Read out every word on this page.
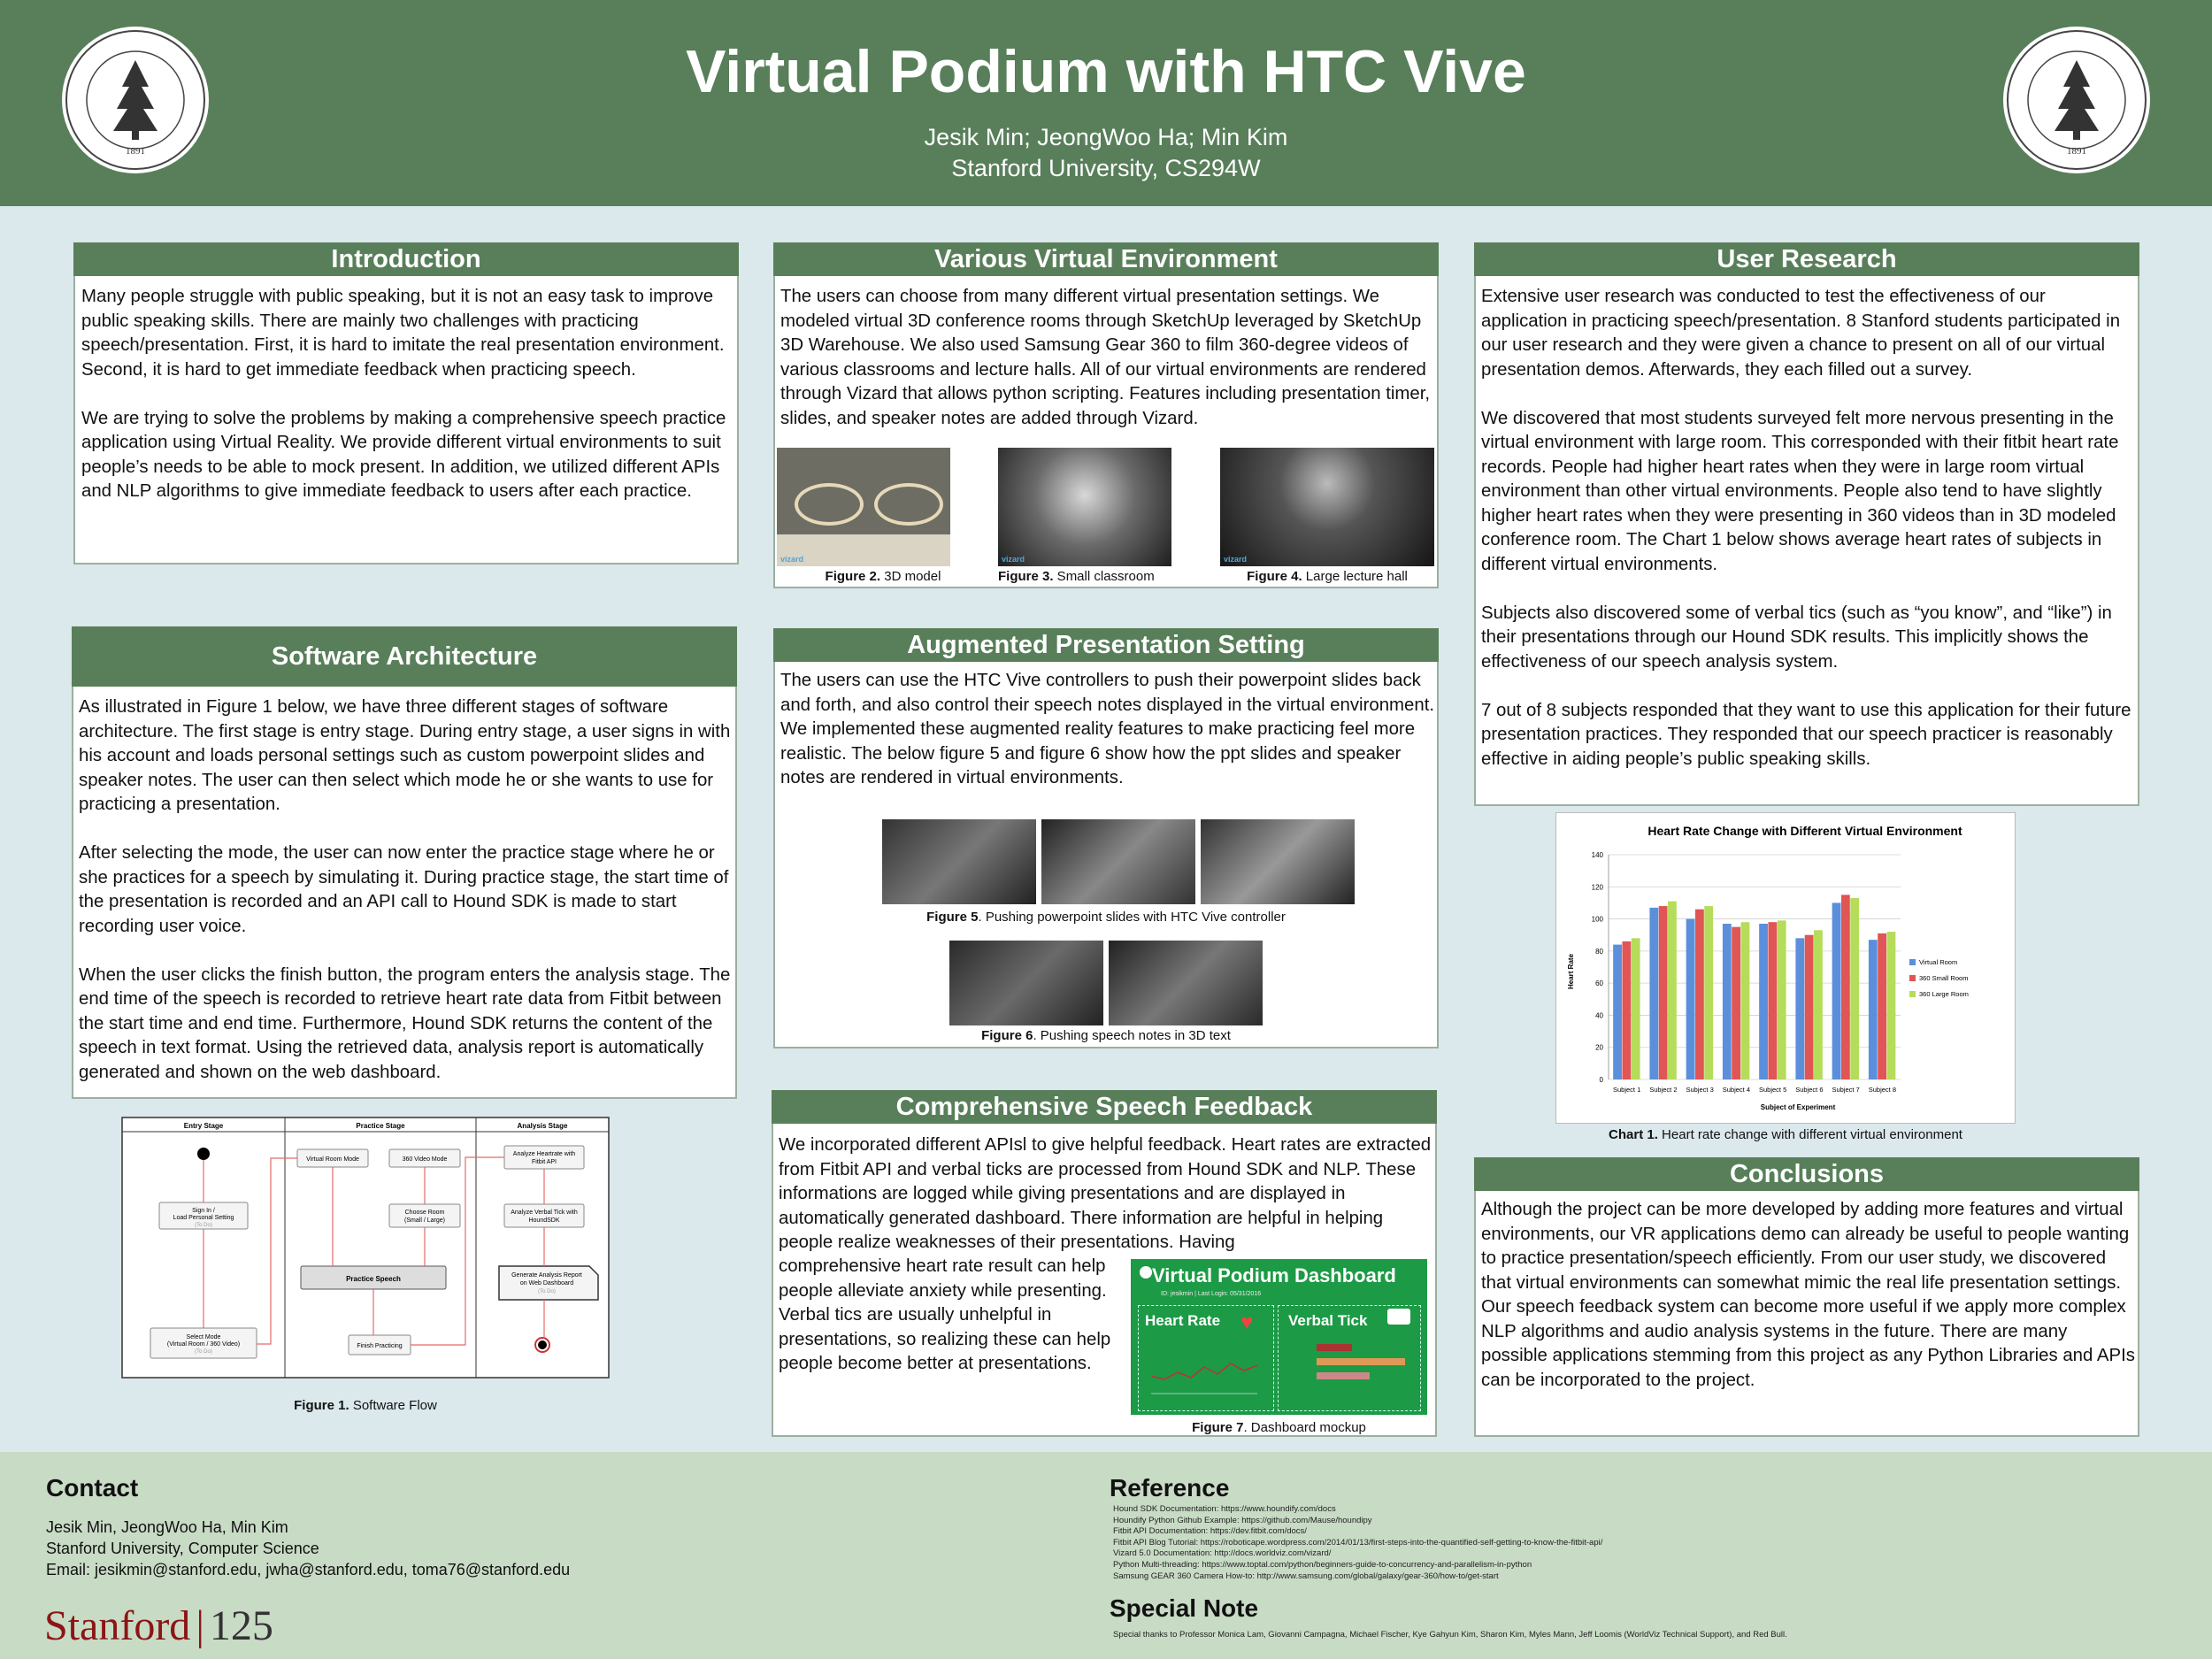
1891	1891
Virtual Podium with HTC Vive
Jesik Min; JeongWoo Ha; Min Kim
Stanford University, CS294W
Introduction

Many people struggle with public speaking, but it is not an easy task to improve public speaking skills. There are mainly two challenges with practicing speech/presentation. First, it is hard to imitate the real presentation environment. Second, it is hard to get immediate feedback when practicing speech.

We are trying to solve the problems by making a comprehensive speech practice application using Virtual Reality. We provide different virtual environments to suit people’s needs to be able to mock present. In addition, we utilized different APIs and NLP algorithms to give immediate feedback to users after each practice.

Software Architecture

As illustrated in Figure 1 below, we have three different stages of software architecture. The first stage is entry stage. During entry stage, a user signs in with his account and loads personal settings such as custom powerpoint slides and speaker notes. The user can then select which mode he or she wants to use for practicing a presentation.

After selecting the mode, the user can now enter the practice stage where he or she practices for a speech by simulating it. During practice stage, the start time of the presentation is recorded and an API call to Hound SDK is made to start recording user voice.

When the user clicks the finish button, the program enters the analysis stage. The end time of the speech is recorded to retrieve heart rate data from Fitbit between the start time and end time. Furthermore, Hound SDK returns the content of the speech in text format. Using the retrieved data, analysis report is automatically generated and shown on the web dashboard.

Entry Stage	Practice Stage	Analysis Stage
Sign In /
Load Personal Setting
(To Do)
Select Mode
(Virtual Room / 360 Video)
(To Do)
Virtual Room Mode	360 Video Mode
Choose Room
(Small / Large)
Practice Speech
Finish Practicing
Analyze Heartrate with
Fitbit API
Analyze Verbal Tick with
HoundSDK
Generate Analysis Report
on Web Dashboard
(To Do)
Figure 1. Software Flow
Various Virtual Environment

The users can choose from many different virtual presentation settings. We modeled virtual 3D conference rooms through SketchUp leveraged by SketchUp 3D Warehouse. We also used Samsung Gear 360 to film 360-degree videos of various classrooms and lecture halls. All of our virtual environments are rendered through Vizard that allows python scripting. Features including presentation timer, slides, and speaker notes are added through Vizard.

vizard	vizard	vizard
Figure 2. 3D model	Figure 3. Small classroom	Figure 4. Large lecture hall
Augmented Presentation Setting

The users can use the HTC Vive controllers to push their powerpoint slides back and forth, and also control their speech notes displayed in the virtual environment. We implemented these augmented reality features to make practicing feel more realistic. The below figure 5 and figure 6 show how the ppt slides and speaker notes are rendered in virtual environments.

Figure 5. Pushing powerpoint slides with HTC Vive controller
Figure 6. Pushing speech notes in 3D text
Comprehensive Speech Feedback

We incorporated different APIsl to give helpful feedback. Heart rates are extracted from Fitbit API and verbal ticks are processed from Hound SDK and NLP. These informations are logged while giving presentations and are displayed in automatically generated dashboard. There information are helpful in helping people realize weaknesses of their presentations. Having

comprehensive heart rate result can help people alleviate anxiety while presenting. Verbal tics are usually unhelpful in presentations, so realizing these can help people become better at presentations.

Virtual Podium Dashboard
ID: jesikmin | Last Login: 05/31/2016
Heart Rate ♥ Verbal Tick
Figure 7. Dashboard mockup
User Research

Extensive user research was conducted to test the effectiveness of our application in practicing speech/presentation. 8 Stanford students participated in our user research and they were given a chance to present on all of our virtual presentation demos. Afterwards, they each filled out a survey.

We discovered that most students surveyed felt more nervous presenting in the virtual environment with large room. This corresponded with their fitbit heart rate records. People had higher heart rates when they were in large room virtual environment than other virtual environments. People also tend to have slightly higher heart rates when they were presenting in 360 videos than in 3D modeled conference room. The Chart 1 below shows average heart rates of subjects in different virtual environments.

Subjects also discovered some of verbal tics (such as “you know”, and “like”) in their presentations through our Hound SDK results. This implicitly shows the effectiveness of our speech analysis system.

7 out of 8 subjects responded that they want to use this application for their future presentation practices. They responded that our speech practicer is reasonably effective in aiding people’s public speaking skills.

Heart Rate Change with Different Virtual Environment
Heart Rate
Subject of Experiment
0
20
40
60
80
100
120
140
Subject 1 Subject 2 Subject 3 Subject 4 Subject 5 Subject 6 Subject 7 Subject 8
Virtual Room
360 Small Room
360 Large Room
Chart 1. Heart rate change with different virtual environment
Conclusions

Although the project can be more developed by adding more features and virtual environments, our VR applications demo can already be useful to people wanting to practice presentation/speech efficiently. From our user study, we discovered that virtual environments can somewhat mimic the real life presentation settings. Our speech feedback system can become more useful if we apply more complex NLP algorithms and audio analysis systems in the future. There are many possible applications stemming from this project as any Python Libraries and APIs can be incorporated to the project.

Contact
Jesik Min, JeongWoo Ha, Min Kim
Stanford University, Computer Science
Email: jesikmin@stanford.edu, jwha@stanford.edu, toma76@stanford.edu
Stanford | 125
Reference
Hound SDK Documentation: https://www.houndify.com/docs
Houndify Python Github Example: https://github.com/Mause/houndipy
Fitbit API Documentation: https://dev.fitbit.com/docs/
Fitbit API Blog Tutorial: https://roboticape.wordpress.com/2014/01/13/first-steps-into-the-quantified-self-getting-to-know-the-fitbit-api/
Vizard 5.0 Documentation: http://docs.worldviz.com/vizard/
Python Multi-threading: https://www.toptal.com/python/beginners-guide-to-concurrency-and-parallelism-in-python
Samsung GEAR 360 Camera How-to: http://www.samsung.com/global/galaxy/gear-360/how-to/get-start
Special Note
Special thanks to Professor Monica Lam, Giovanni Campagna, Michael Fischer, Kye Gahyun Kim, Sharon Kim, Myles Mann, Jeff Loomis (WorldViz Technical Support), and Red Bull.
